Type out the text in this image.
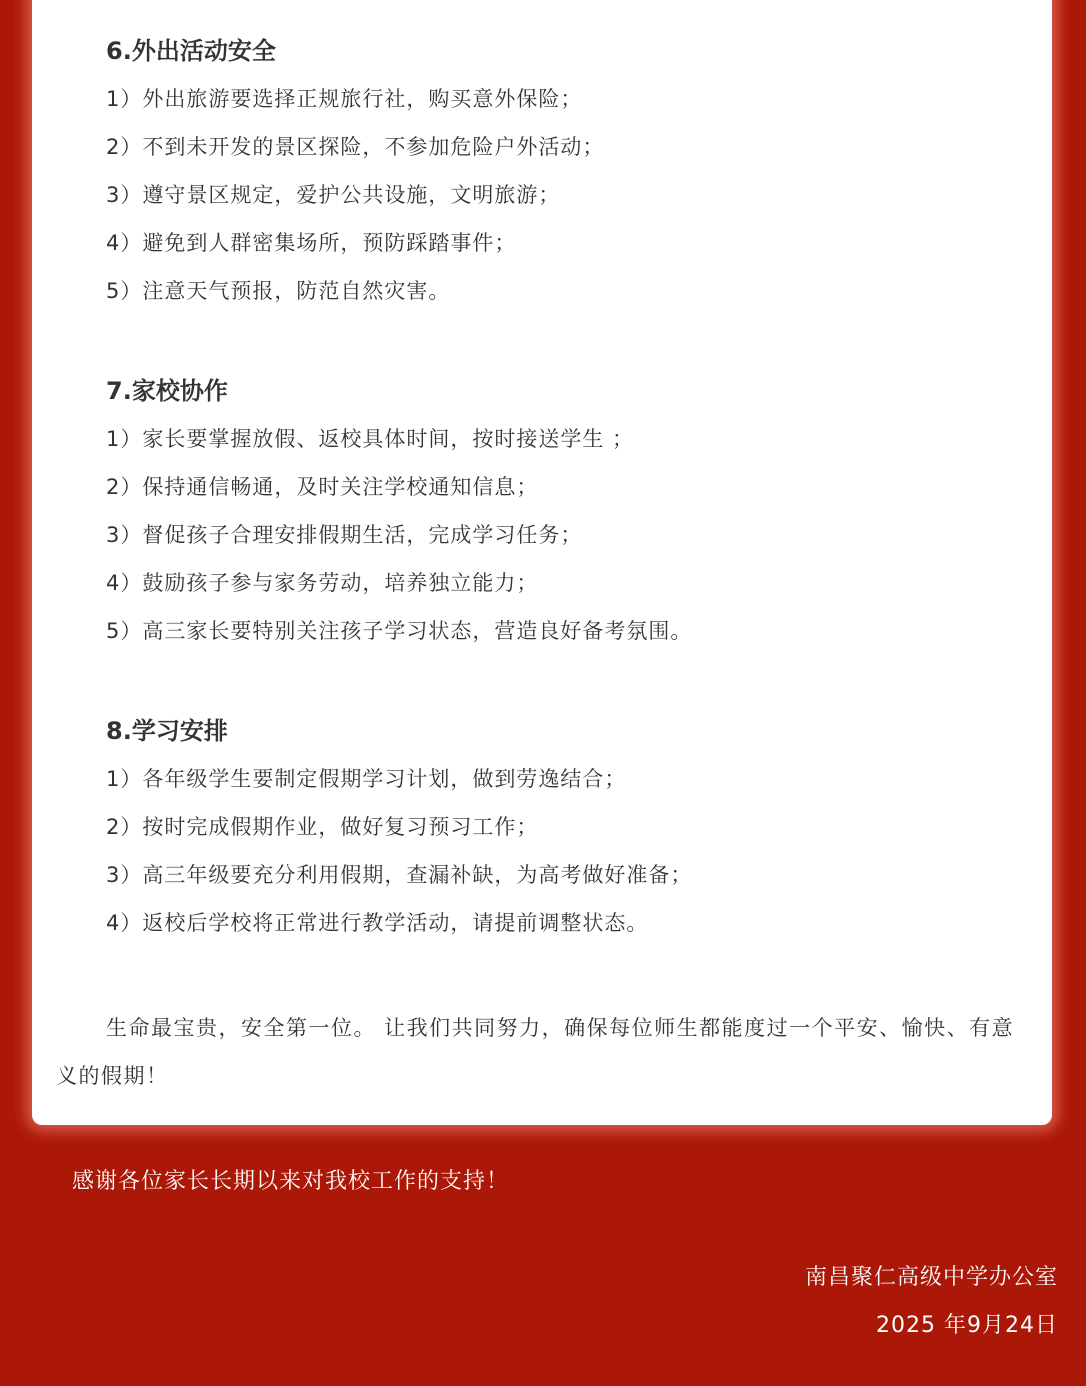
6.外出活动安全
1）外出旅游要选择正规旅行社，购买意外保险；
2）不到未开发的景区探险，不参加危险户外活动；
3）遵守景区规定，爱护公共设施，文明旅游；
4）避免到人群密集场所，预防踩踏事件；
5）注意天气预报，防范自然灾害。
7.家校协作
1）家长要掌握放假、返校具体时间，按时接送学生 ；
2）保持通信畅通，及时关注学校通知信息；
3）督促孩子合理安排假期生活，完成学习任务；
4）鼓励孩子参与家务劳动，培养独立能力；
5）高三家长要特别关注孩子学习状态，营造良好备考氛围。
8.学习安排
1）各年级学生要制定假期学习计划，做到劳逸结合；
2）按时完成假期作业，做好复习预习工作；
3）高三年级要充分利用假期，查漏补缺，为高考做好准备；
4）返校后学校将正常进行教学活动，请提前调整状态。
生命最宝贵，安全第一位。 让我们共同努力，确保每位师生都能度过一个平安、愉快、有意义的假期！
感谢各位家长长期以来对我校工作的支持！
南昌聚仁高级中学办公室
2025 年9月24日
